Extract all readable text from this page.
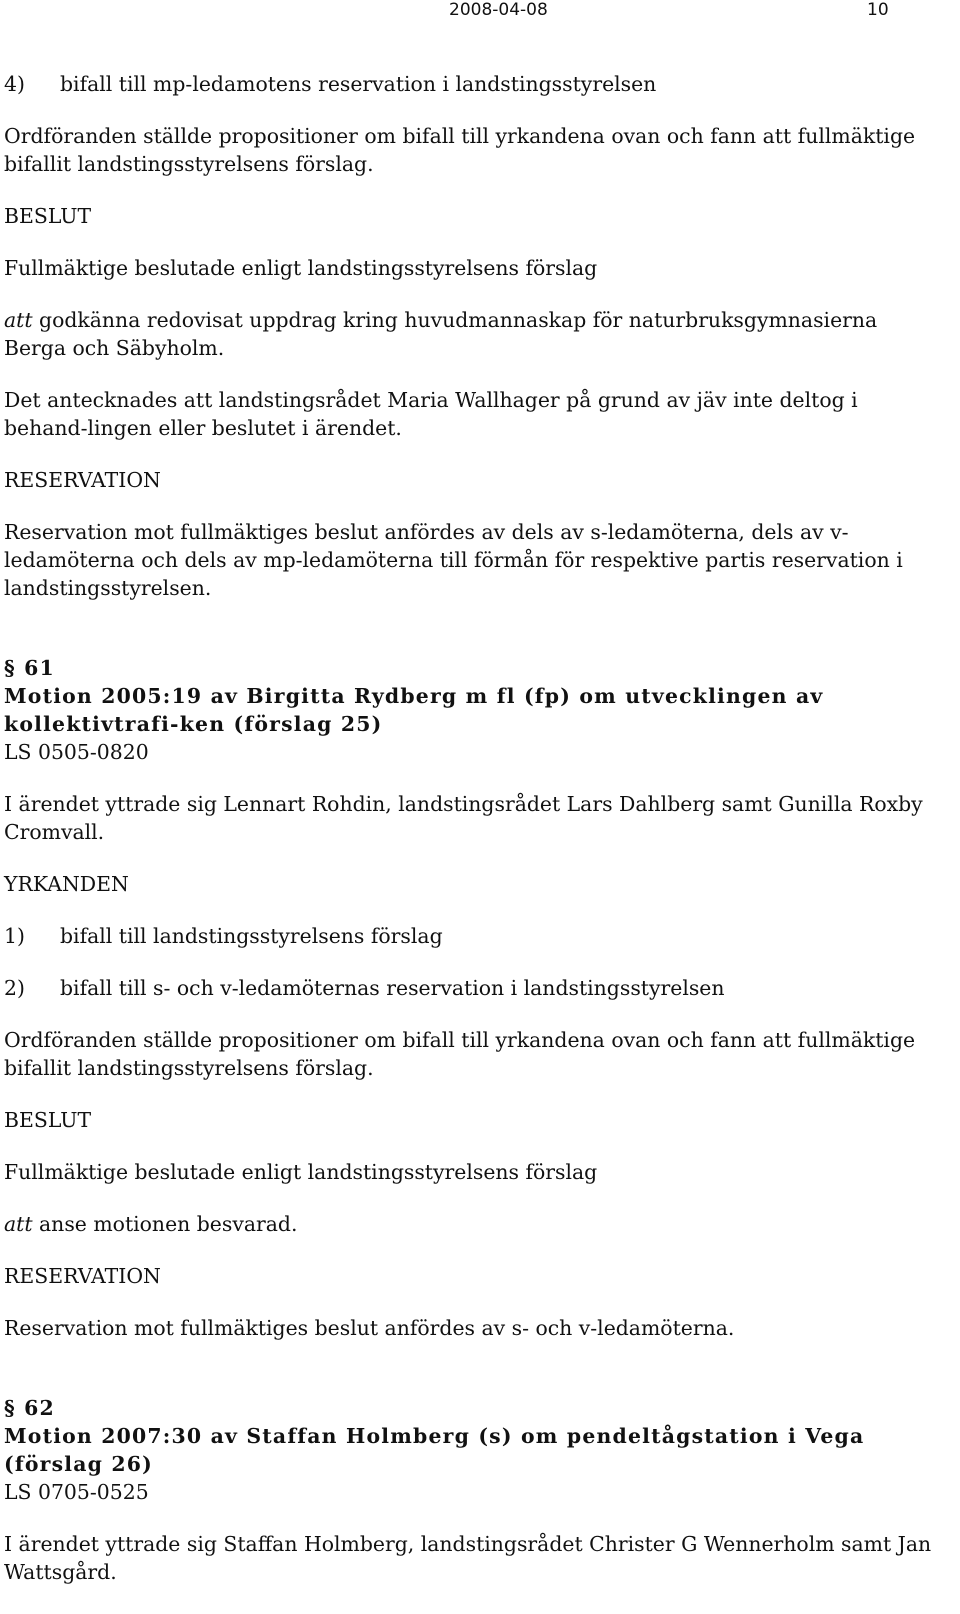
2008-04-08	10
4)	bifall till mp-ledamotens reservation i landstingsstyrelsen

Ordföranden ställde propositioner om bifall till yrkandena ovan och fann att fullmäktige bifallit landstingsstyrelsens förslag.

BESLUT

Fullmäktige beslutade enligt landstingsstyrelsens förslag

att godkänna redovisat uppdrag kring huvudmannaskap för naturbruksgymnasierna Berga och Säbyholm.

Det antecknades att landstingsrådet Maria Wallhager på grund av jäv inte deltog i behand-lingen eller beslutet i ärendet.

RESERVATION

Reservation mot fullmäktiges beslut anfördes av dels av s-ledamöterna, dels av v-ledamöterna och dels av mp-ledamöterna till förmån för respektive partis reservation i landstingsstyrelsen.

§ 61
Motion 2005:19 av Birgitta Rydberg m fl (fp) om utvecklingen av kollektivtrafi-ken (förslag 25)

LS 0505-0820

I ärendet yttrade sig Lennart Rohdin, landstingsrådet Lars Dahlberg samt Gunilla Roxby Cromvall.

YRKANDEN

1)	bifall till landstingsstyrelsens förslag
2)	bifall till s- och v-ledamöternas reservation i landstingsstyrelsen

Ordföranden ställde propositioner om bifall till yrkandena ovan och fann att fullmäktige bifallit landstingsstyrelsens förslag.

BESLUT

Fullmäktige beslutade enligt landstingsstyrelsens förslag

att anse motionen besvarad.

RESERVATION

Reservation mot fullmäktiges beslut anfördes av s- och v-ledamöterna.

§ 62
Motion 2007:30 av Staffan Holmberg (s) om pendeltågstation i Vega (förslag 26)

LS 0705-0525

I ärendet yttrade sig Staffan Holmberg, landstingsrådet Christer G Wennerholm samt Jan Wattsgård.
